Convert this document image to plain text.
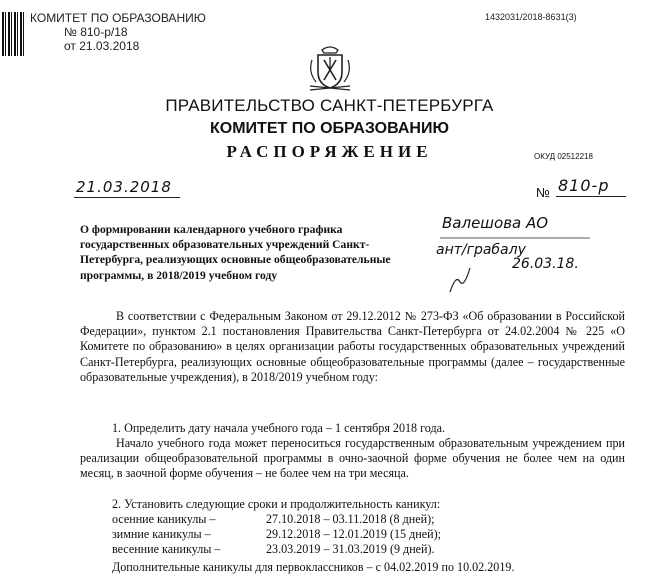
КОМИТЕТ ПО ОБРАЗОВАНИЮ
№ 810-р/18
от 21.03.2018
1432031/2018-8631(3)
ПРАВИТЕЛЬСТВО САНКТ-ПЕТЕРБУРГА
КОМИТЕТ ПО ОБРАЗОВАНИЮ
РАСПОРЯЖЕНИЕ	ОКУД 02512218
21.03.2018	№ 810-р
О формировании календарного учебного графика государственных образовательных учреждений Санкт-Петербурга, реализующих основные общеобразовательные программы, в 2018/2019 учебном году
Валешова АО
ант/грабалу
26.03.18.
В соответствии с Федеральным Законом от 29.12.2012 № 273-ФЗ «Об образовании в Российской Федерации», пунктом 2.1 постановления Правительства Санкт-Петербурга от 24.02.2004 № 225 «О Комитете по образованию» в целях организации работы государственных образовательных учреждений Санкт-Петербурга, реализующих основные общеобразовательные программы (далее – государственные образовательные учреждения), в 2018/2019 учебном году:
1. Определить дату начала учебного года – 1 сентября 2018 года.
Начало учебного года может переноситься государственным образовательным учреждением при реализации общеобразовательной программы в очно-заочной форме обучения не более чем на один месяц, в заочной форме обучения – не более чем на три месяца.
2. Установить следующие сроки и продолжительность каникул:
осенние каникулы –	27.10.2018 – 03.11.2018 (8 дней);
зимние каникулы –	29.12.2018 – 12.01.2019 (15 дней);
весенние каникулы –	23.03.2019 – 31.03.2019 (9 дней).
Дополнительные каникулы для первоклассников – с 04.02.2019 по 10.02.2019.
